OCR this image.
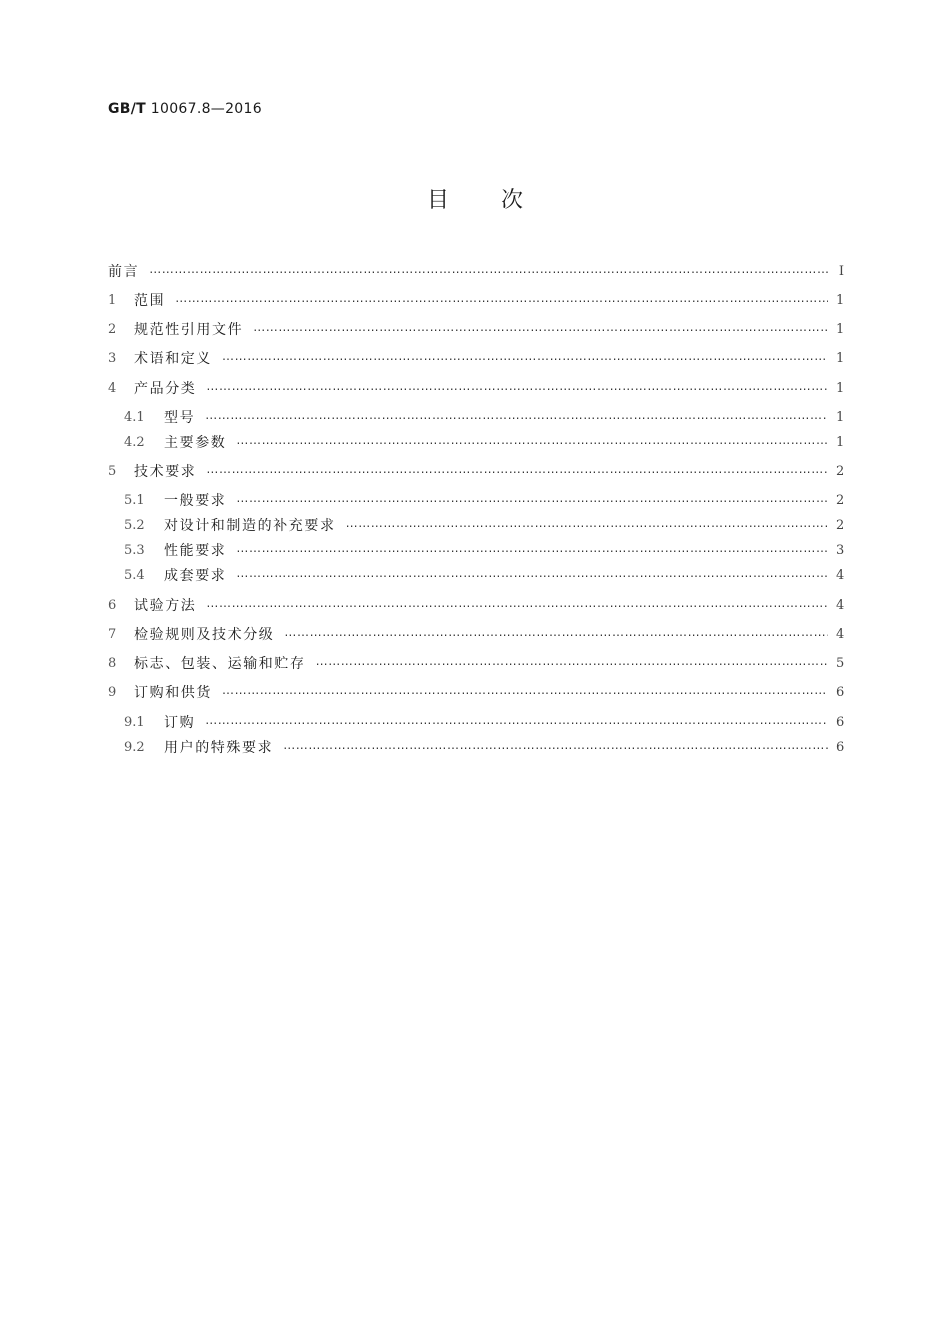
GB/T 10067.8—2016
目次
前言 ⋯⋯⋯⋯⋯⋯⋯⋯⋯⋯⋯⋯⋯⋯⋯⋯⋯⋯⋯⋯⋯⋯⋯⋯⋯⋯⋯⋯⋯⋯⋯⋯⋯⋯⋯⋯⋯⋯⋯⋯⋯⋯⋯⋯⋯⋯⋯⋯⋯⋯⋯⋯⋯⋯⋯⋯⋯⋯⋯⋯⋯⋯⋯⋯⋯⋯⋯⋯⋯⋯⋯⋯⋯⋯⋯⋯⋯⋯⋯⋯	I
1	范围 ⋯⋯⋯⋯⋯⋯⋯⋯⋯⋯⋯⋯⋯⋯⋯⋯⋯⋯⋯⋯⋯⋯⋯⋯⋯⋯⋯⋯⋯⋯⋯⋯⋯⋯⋯⋯⋯⋯⋯⋯⋯⋯⋯⋯⋯⋯⋯⋯⋯⋯⋯⋯⋯⋯⋯⋯⋯⋯⋯⋯⋯⋯⋯⋯⋯⋯⋯⋯⋯⋯⋯⋯⋯⋯⋯⋯⋯⋯⋯⋯	1
2	规范性引用文件 ⋯⋯⋯⋯⋯⋯⋯⋯⋯⋯⋯⋯⋯⋯⋯⋯⋯⋯⋯⋯⋯⋯⋯⋯⋯⋯⋯⋯⋯⋯⋯⋯⋯⋯⋯⋯⋯⋯⋯⋯⋯⋯⋯⋯⋯⋯⋯⋯⋯⋯⋯⋯⋯⋯⋯⋯⋯⋯⋯⋯⋯⋯⋯⋯⋯⋯⋯⋯⋯⋯⋯⋯⋯⋯⋯⋯⋯⋯⋯⋯	1
3	术语和定义 ⋯⋯⋯⋯⋯⋯⋯⋯⋯⋯⋯⋯⋯⋯⋯⋯⋯⋯⋯⋯⋯⋯⋯⋯⋯⋯⋯⋯⋯⋯⋯⋯⋯⋯⋯⋯⋯⋯⋯⋯⋯⋯⋯⋯⋯⋯⋯⋯⋯⋯⋯⋯⋯⋯⋯⋯⋯⋯⋯⋯⋯⋯⋯⋯⋯⋯⋯⋯⋯⋯⋯⋯⋯⋯⋯⋯⋯⋯⋯⋯	1
4	产品分类 ⋯⋯⋯⋯⋯⋯⋯⋯⋯⋯⋯⋯⋯⋯⋯⋯⋯⋯⋯⋯⋯⋯⋯⋯⋯⋯⋯⋯⋯⋯⋯⋯⋯⋯⋯⋯⋯⋯⋯⋯⋯⋯⋯⋯⋯⋯⋯⋯⋯⋯⋯⋯⋯⋯⋯⋯⋯⋯⋯⋯⋯⋯⋯⋯⋯⋯⋯⋯⋯⋯⋯⋯⋯⋯⋯⋯⋯⋯⋯⋯	1
4.1	型号 ⋯⋯⋯⋯⋯⋯⋯⋯⋯⋯⋯⋯⋯⋯⋯⋯⋯⋯⋯⋯⋯⋯⋯⋯⋯⋯⋯⋯⋯⋯⋯⋯⋯⋯⋯⋯⋯⋯⋯⋯⋯⋯⋯⋯⋯⋯⋯⋯⋯⋯⋯⋯⋯⋯⋯⋯⋯⋯⋯⋯⋯⋯⋯⋯⋯⋯⋯⋯⋯⋯⋯⋯⋯⋯⋯⋯⋯⋯⋯⋯	1
4.2	主要参数 ⋯⋯⋯⋯⋯⋯⋯⋯⋯⋯⋯⋯⋯⋯⋯⋯⋯⋯⋯⋯⋯⋯⋯⋯⋯⋯⋯⋯⋯⋯⋯⋯⋯⋯⋯⋯⋯⋯⋯⋯⋯⋯⋯⋯⋯⋯⋯⋯⋯⋯⋯⋯⋯⋯⋯⋯⋯⋯⋯⋯⋯⋯⋯⋯⋯⋯⋯⋯⋯⋯⋯⋯⋯⋯⋯⋯⋯⋯⋯⋯	1
5	技术要求 ⋯⋯⋯⋯⋯⋯⋯⋯⋯⋯⋯⋯⋯⋯⋯⋯⋯⋯⋯⋯⋯⋯⋯⋯⋯⋯⋯⋯⋯⋯⋯⋯⋯⋯⋯⋯⋯⋯⋯⋯⋯⋯⋯⋯⋯⋯⋯⋯⋯⋯⋯⋯⋯⋯⋯⋯⋯⋯⋯⋯⋯⋯⋯⋯⋯⋯⋯⋯⋯⋯⋯⋯⋯⋯⋯⋯⋯⋯⋯⋯	2
5.1	一般要求 ⋯⋯⋯⋯⋯⋯⋯⋯⋯⋯⋯⋯⋯⋯⋯⋯⋯⋯⋯⋯⋯⋯⋯⋯⋯⋯⋯⋯⋯⋯⋯⋯⋯⋯⋯⋯⋯⋯⋯⋯⋯⋯⋯⋯⋯⋯⋯⋯⋯⋯⋯⋯⋯⋯⋯⋯⋯⋯⋯⋯⋯⋯⋯⋯⋯⋯⋯⋯⋯⋯⋯⋯⋯⋯⋯⋯⋯⋯⋯⋯	2
5.2	对设计和制造的补充要求 ⋯⋯⋯⋯⋯⋯⋯⋯⋯⋯⋯⋯⋯⋯⋯⋯⋯⋯⋯⋯⋯⋯⋯⋯⋯⋯⋯⋯⋯⋯⋯⋯⋯⋯⋯⋯⋯⋯⋯⋯⋯⋯⋯⋯⋯⋯⋯⋯⋯⋯⋯⋯⋯⋯⋯⋯⋯⋯⋯⋯⋯⋯⋯⋯⋯⋯⋯⋯⋯⋯⋯⋯⋯⋯⋯⋯⋯⋯⋯⋯	2
5.3	性能要求 ⋯⋯⋯⋯⋯⋯⋯⋯⋯⋯⋯⋯⋯⋯⋯⋯⋯⋯⋯⋯⋯⋯⋯⋯⋯⋯⋯⋯⋯⋯⋯⋯⋯⋯⋯⋯⋯⋯⋯⋯⋯⋯⋯⋯⋯⋯⋯⋯⋯⋯⋯⋯⋯⋯⋯⋯⋯⋯⋯⋯⋯⋯⋯⋯⋯⋯⋯⋯⋯⋯⋯⋯⋯⋯⋯⋯⋯⋯⋯⋯	3
5.4	成套要求 ⋯⋯⋯⋯⋯⋯⋯⋯⋯⋯⋯⋯⋯⋯⋯⋯⋯⋯⋯⋯⋯⋯⋯⋯⋯⋯⋯⋯⋯⋯⋯⋯⋯⋯⋯⋯⋯⋯⋯⋯⋯⋯⋯⋯⋯⋯⋯⋯⋯⋯⋯⋯⋯⋯⋯⋯⋯⋯⋯⋯⋯⋯⋯⋯⋯⋯⋯⋯⋯⋯⋯⋯⋯⋯⋯⋯⋯⋯⋯⋯	4
6	试验方法 ⋯⋯⋯⋯⋯⋯⋯⋯⋯⋯⋯⋯⋯⋯⋯⋯⋯⋯⋯⋯⋯⋯⋯⋯⋯⋯⋯⋯⋯⋯⋯⋯⋯⋯⋯⋯⋯⋯⋯⋯⋯⋯⋯⋯⋯⋯⋯⋯⋯⋯⋯⋯⋯⋯⋯⋯⋯⋯⋯⋯⋯⋯⋯⋯⋯⋯⋯⋯⋯⋯⋯⋯⋯⋯⋯⋯⋯⋯⋯⋯	4
7	检验规则及技术分级 ⋯⋯⋯⋯⋯⋯⋯⋯⋯⋯⋯⋯⋯⋯⋯⋯⋯⋯⋯⋯⋯⋯⋯⋯⋯⋯⋯⋯⋯⋯⋯⋯⋯⋯⋯⋯⋯⋯⋯⋯⋯⋯⋯⋯⋯⋯⋯⋯⋯⋯⋯⋯⋯⋯⋯⋯⋯⋯⋯⋯⋯⋯⋯⋯⋯⋯⋯⋯⋯⋯⋯⋯⋯⋯⋯⋯⋯⋯⋯⋯	4
8	标志、包装、运输和贮存 ⋯⋯⋯⋯⋯⋯⋯⋯⋯⋯⋯⋯⋯⋯⋯⋯⋯⋯⋯⋯⋯⋯⋯⋯⋯⋯⋯⋯⋯⋯⋯⋯⋯⋯⋯⋯⋯⋯⋯⋯⋯⋯⋯⋯⋯⋯⋯⋯⋯⋯⋯⋯⋯⋯⋯⋯⋯⋯⋯⋯⋯⋯⋯⋯⋯⋯⋯⋯⋯⋯⋯⋯⋯⋯⋯⋯⋯⋯⋯⋯	5
9	订购和供货 ⋯⋯⋯⋯⋯⋯⋯⋯⋯⋯⋯⋯⋯⋯⋯⋯⋯⋯⋯⋯⋯⋯⋯⋯⋯⋯⋯⋯⋯⋯⋯⋯⋯⋯⋯⋯⋯⋯⋯⋯⋯⋯⋯⋯⋯⋯⋯⋯⋯⋯⋯⋯⋯⋯⋯⋯⋯⋯⋯⋯⋯⋯⋯⋯⋯⋯⋯⋯⋯⋯⋯⋯⋯⋯⋯⋯⋯⋯⋯⋯	6
9.1	订购 ⋯⋯⋯⋯⋯⋯⋯⋯⋯⋯⋯⋯⋯⋯⋯⋯⋯⋯⋯⋯⋯⋯⋯⋯⋯⋯⋯⋯⋯⋯⋯⋯⋯⋯⋯⋯⋯⋯⋯⋯⋯⋯⋯⋯⋯⋯⋯⋯⋯⋯⋯⋯⋯⋯⋯⋯⋯⋯⋯⋯⋯⋯⋯⋯⋯⋯⋯⋯⋯⋯⋯⋯⋯⋯⋯⋯⋯⋯⋯⋯	6
9.2	用户的特殊要求 ⋯⋯⋯⋯⋯⋯⋯⋯⋯⋯⋯⋯⋯⋯⋯⋯⋯⋯⋯⋯⋯⋯⋯⋯⋯⋯⋯⋯⋯⋯⋯⋯⋯⋯⋯⋯⋯⋯⋯⋯⋯⋯⋯⋯⋯⋯⋯⋯⋯⋯⋯⋯⋯⋯⋯⋯⋯⋯⋯⋯⋯⋯⋯⋯⋯⋯⋯⋯⋯⋯⋯⋯⋯⋯⋯⋯⋯⋯⋯⋯	6
